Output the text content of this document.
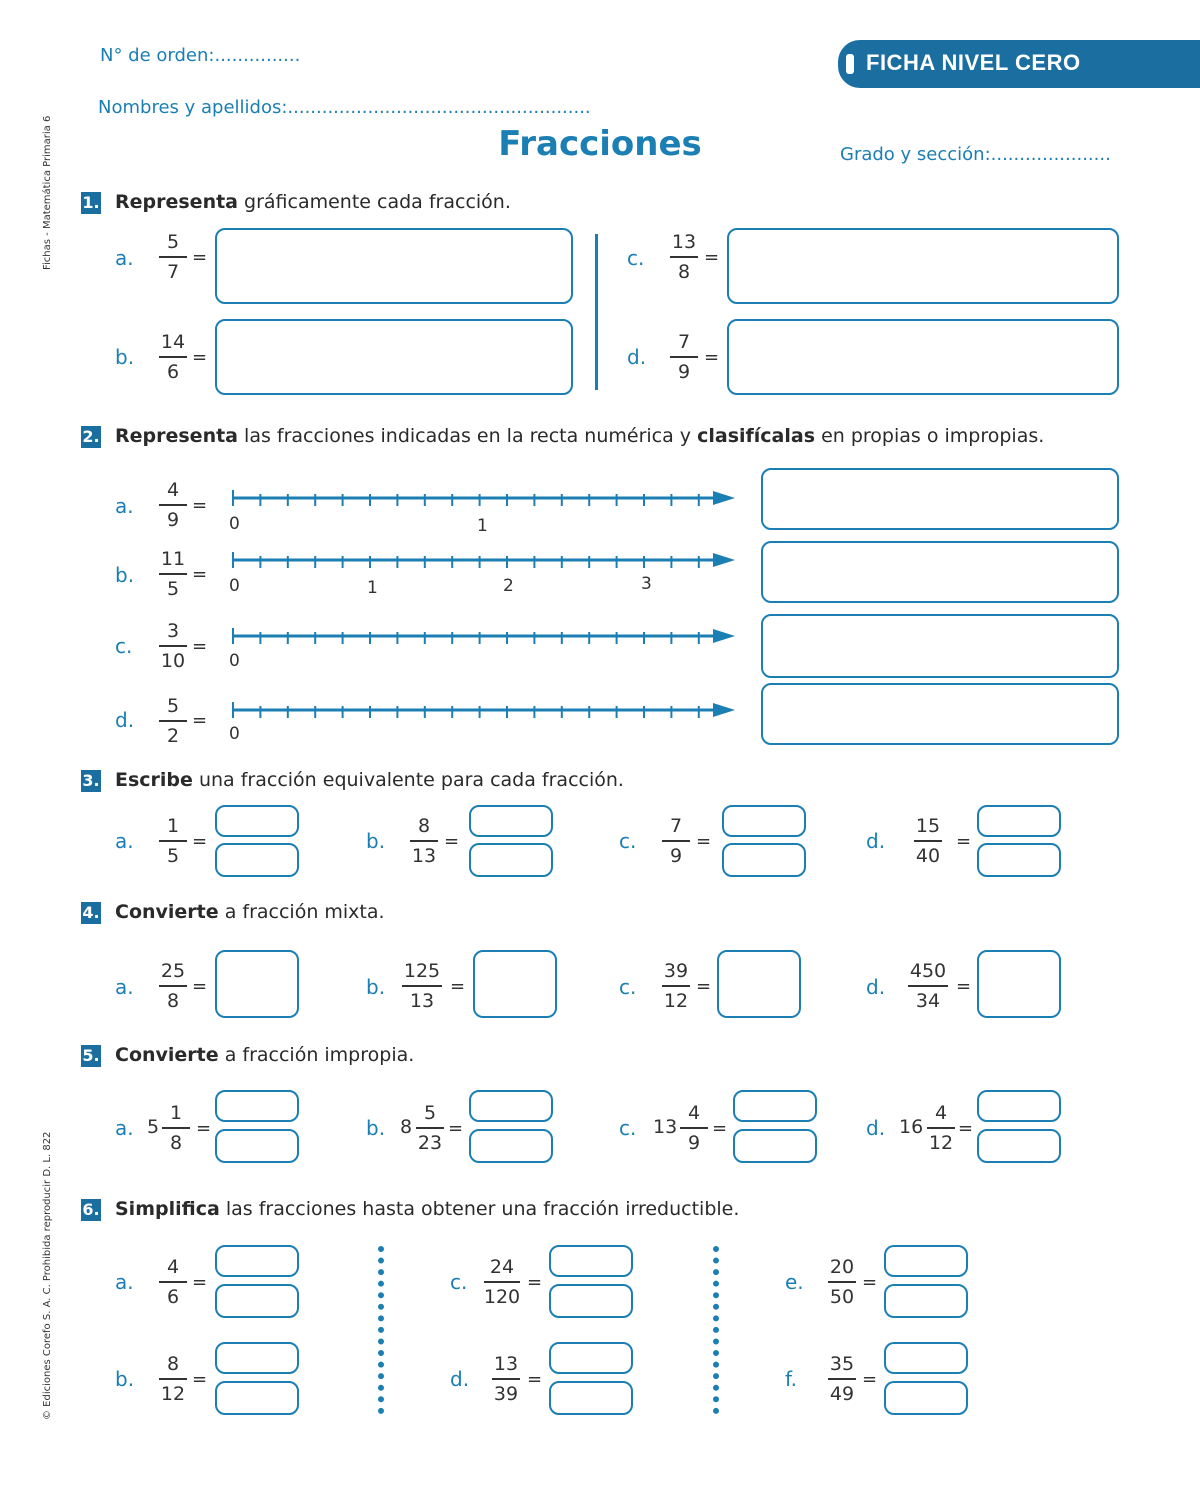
N° de orden:...............
Nombres y apellidos:.....................................................
Grado y sección:.....................
FICHA NIVEL CERO
Fracciones
Fichas - Matemática Primaria 6
© Ediciones Corefo S. A. C. Prohibida reproducir D. L. 822
1. Representa gráficamente cada fracción.
a.
5
7
=
b.
14
6
=
c.
13
8
=
d.
7
9
=
2. Representa las fracciones indicadas en la recta numérica y clasifícalas en propias o impropias.
a.
4
9
=
0	1
b.
11
5
=
0	1	2	3
c.
3
10
=
0
d.
5
2
=
0
3. Escribe una fracción equivalente para cada fracción.
a.
1
5
=	b.
8
13
=	c.
7
9
=	d.
15
40
=
4. Convierte a fracción mixta.
a.
25
8
=	b.
125
13
=	c.
39
12
=	d.
450
34
=
5. Convierte a fracción impropia.
a. 5
1
8
=	b. 8
5
23
=	c. 13
4
9
=	d. 16
4
12
=
6. Simplifica las fracciones hasta obtener una fracción irreductible.
a.
4
6
=
b.
8
12
=
c.
24
120
=
d.
13
39
=
e.
20
50
=
f.
35
49
=
